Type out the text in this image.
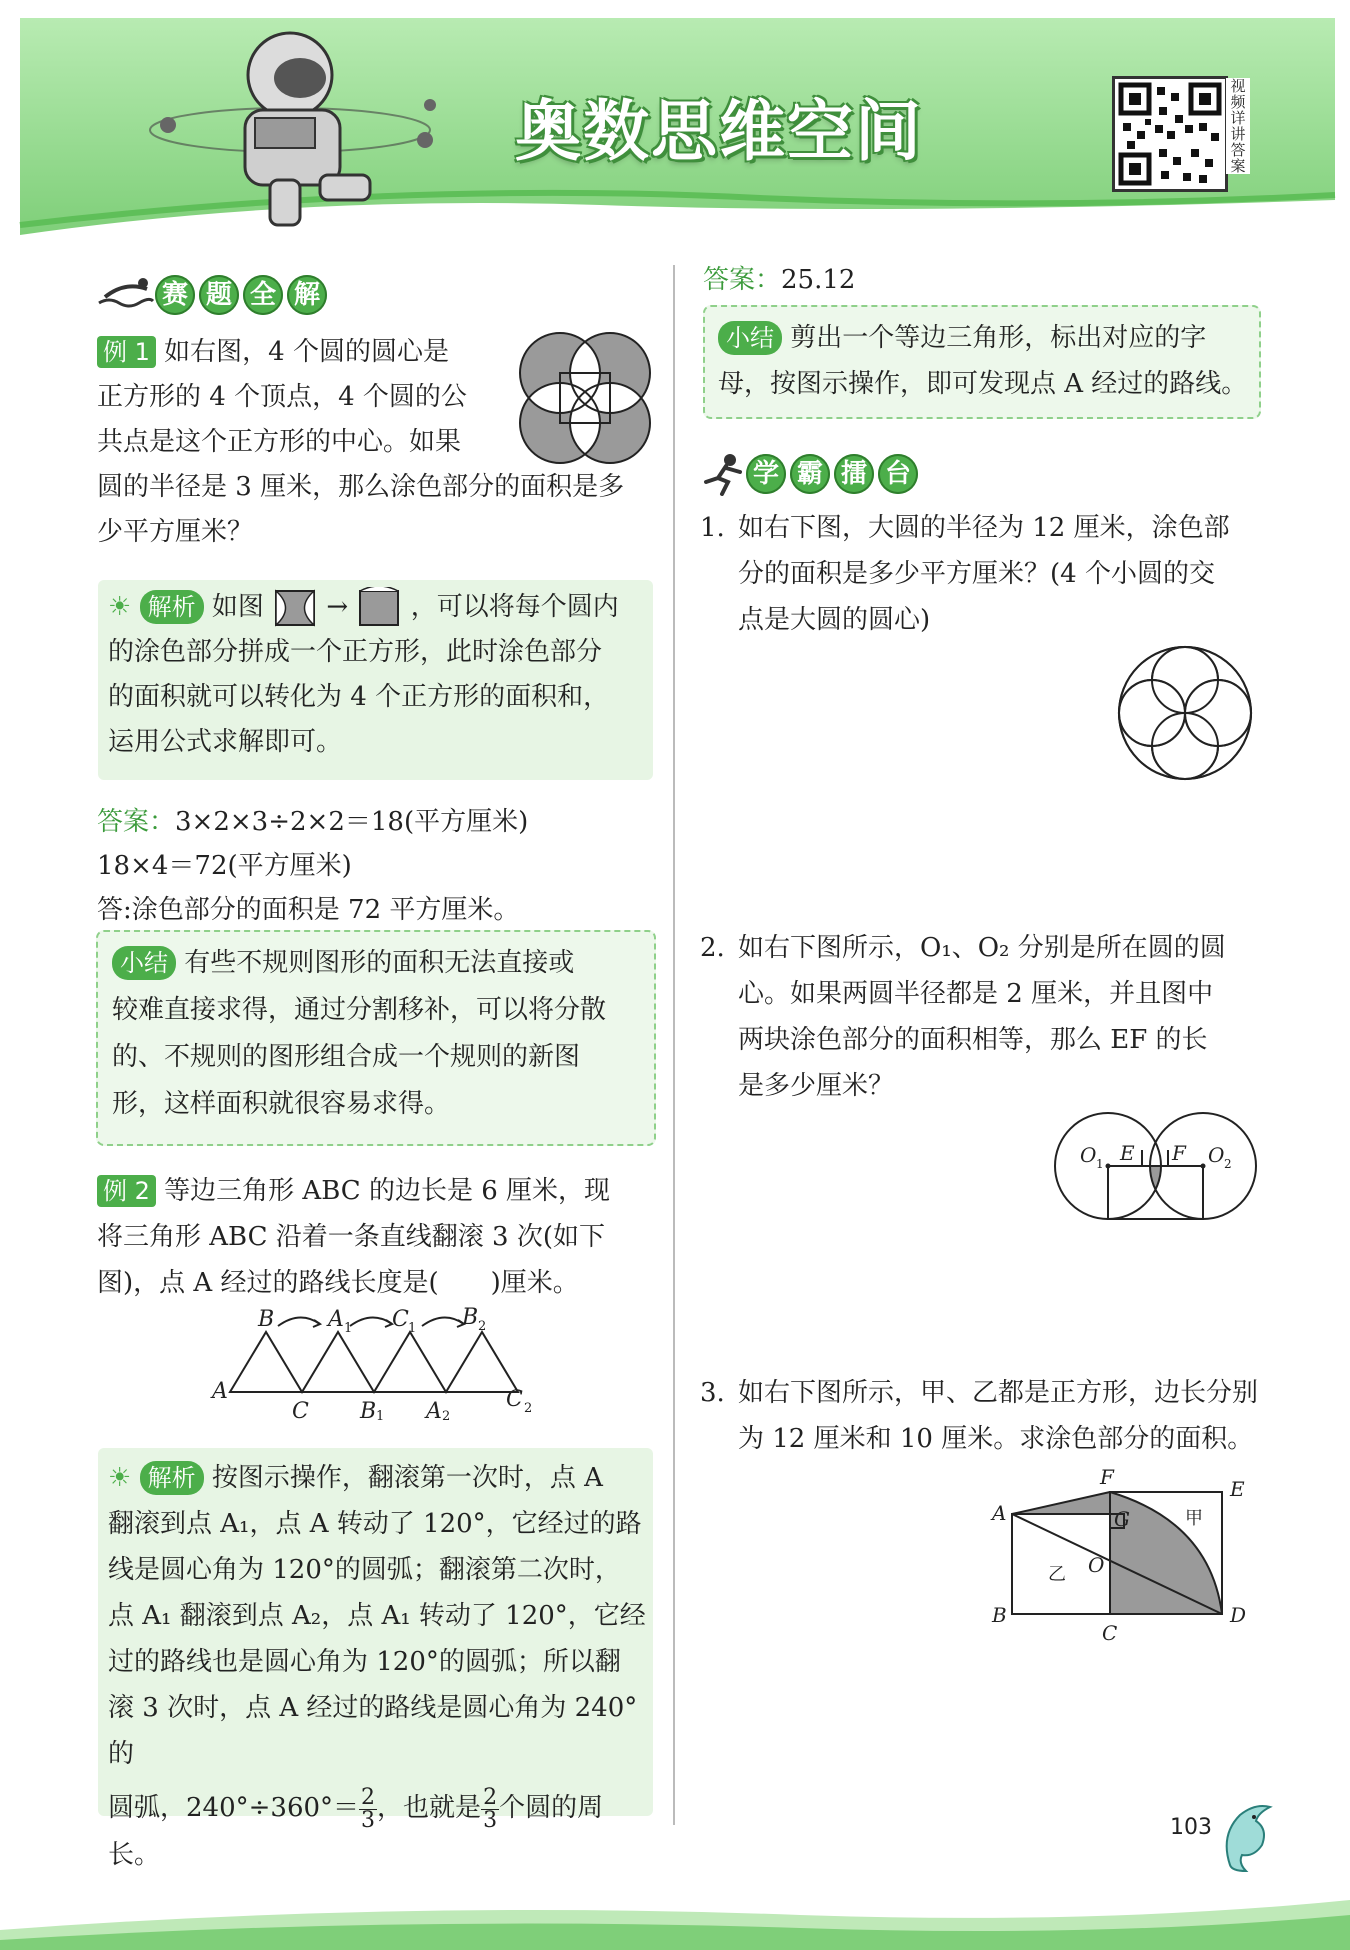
奥数思维空间
视频详讲答案
赛 题 全 解
例 1 如右图，4 个圆的圆心是
正方形的 4 个顶点，4 个圆的公
共点是这个正方形的中心。如果
圆的半径是 3 厘米，那么涂色部分的面积是多
少平方厘米？
☀ 解析 如图 → ，可以将每个圆内
的涂色部分拼成一个正方形，此时涂色部分
的面积就可以转化为 4 个正方形的面积和，
运用公式求解即可。
答案：3×2×3÷2×2＝18(平方厘米)
18×4＝72(平方厘米)
答:涂色部分的面积是 72 平方厘米。
小结 有些不规则图形的面积无法直接或
较难直接求得，通过分割移补，可以将分散
的、不规则的图形组合成一个规则的新图
形，这样面积就很容易求得。
例 2 等边三角形 ABC 的边长是 6 厘米，现
将三角形 ABC 沿着一条直线翻滚 3 次(如下
图)，点 A 经过的路线长度是(　　)厘米。
B A 1 C 1 B 2
A
C B 1 A 2
C 2
☀ 解析 按图示操作，翻滚第一次时，点 A
翻滚到点 A₁，点 A 转动了 120°，它经过的路
线是圆心角为 120°的圆弧；翻滚第二次时，
点 A₁ 翻滚到点 A₂，点 A₁ 转动了 120°，它经
过的路线也是圆心角为 120°的圆弧；所以翻
滚 3 次时，点 A 经过的路线是圆心角为 240°的
圆弧，$240^\circ\div 360^\circ= \frac{2}{3}$ ，也就是 $\frac{2}{3}$ 个圆的周长。
答案：25.12
小结 剪出一个等边三角形，标出对应的字
母，按图示操作，即可发现点 A 经过的路线。
学 霸 擂 台
1. 如右下图，大圆的半径为 12 厘米，涂色部
分的面积是多少平方厘米？(4 个小圆的交
点是大圆的圆心)
2. 如右下图所示，O₁、O₂ 分别是所在圆的圆
心。如果两圆半径都是 2 厘米，并且图中
两块涂色部分的面积相等，那么 EF 的长
是多少厘米？
O 1 E F O 2
3. 如右下图所示，甲、乙都是正方形，边长分别
为 12 厘米和 10 厘米。求涂色部分的面积。
A
F	E
G	甲
乙 O
B
C
D
103
